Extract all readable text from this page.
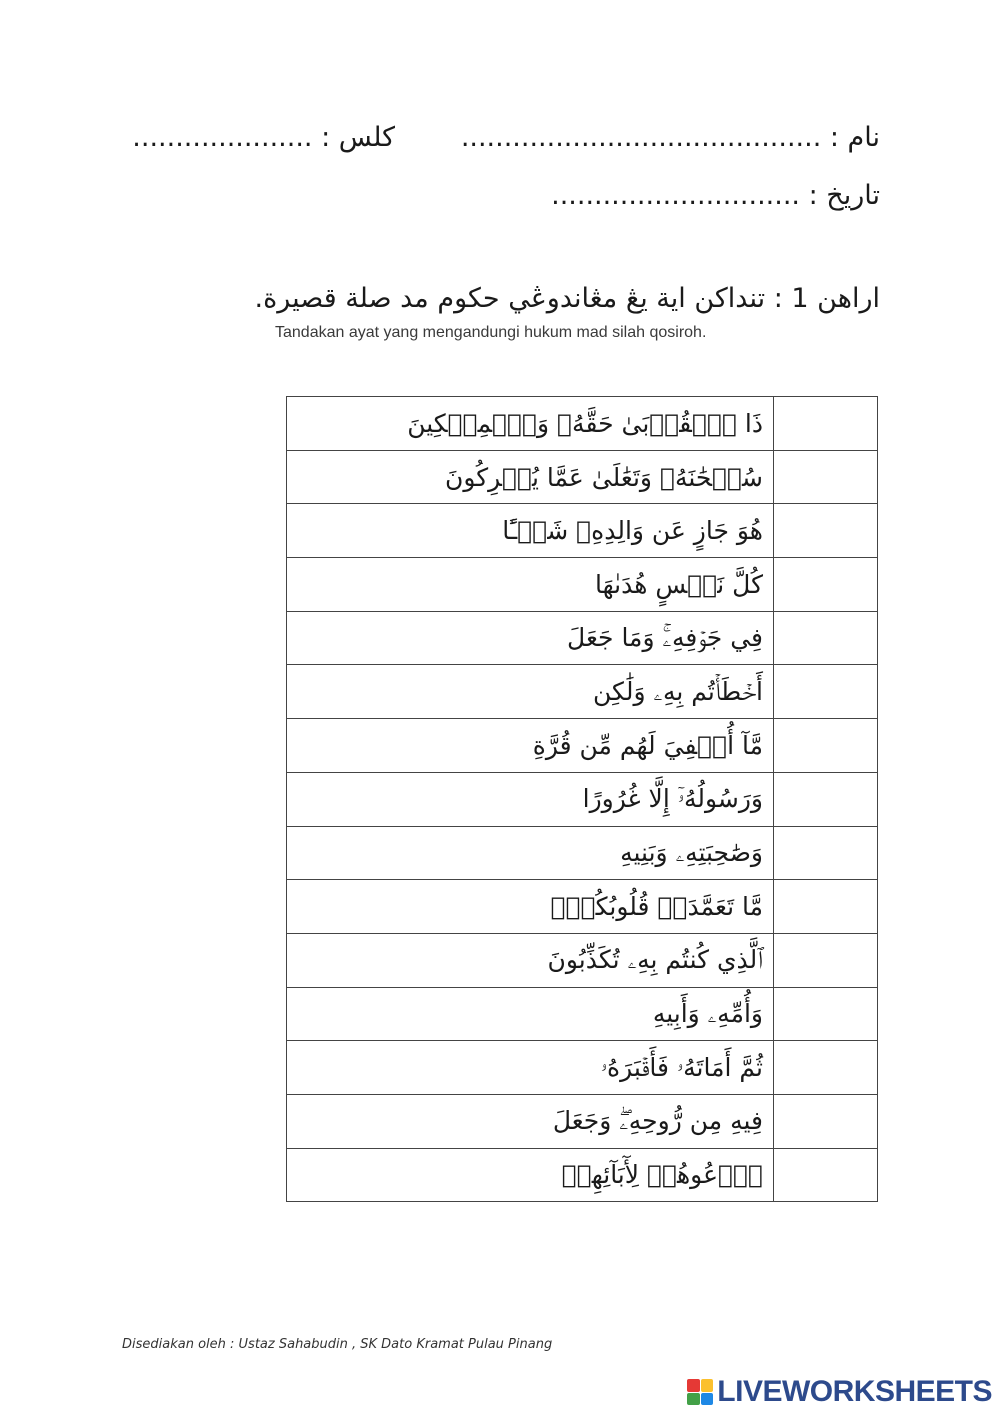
نام : ..........................................
كلس : .....................
تاريخ : .............................
اراهن 1 : تنداكن اية يڠ مڠاندوڠي حكوم مد صلة قصيرة.
Tandakan ayat yang mengandungi hukum mad silah qosiroh.
ذَا ٱلۡقُرۡبَىٰ حَقَّهُۥ وَٱلۡمِسۡكِينَ	
سُبۡحَٰنَهُۥ وَتَعَٰلَىٰ عَمَّا يُشۡرِكُونَ	
هُوَ جَازٍ عَن وَالِدِهِۦ شَيۡـًٔا	
كُلَّ نَفۡسٍ هُدَىٰهَا	
فِي جَوۡفِهِۦۚ وَمَا جَعَلَ	
أَخۡطَأۡتُم بِهِۦ وَلَٰكِن	
مَّآ أُخۡفِيَ لَهُم مِّن قُرَّةِ	
وَرَسُولُهُۥٓ إِلَّا غُرُورًا	
وَصَٰحِبَتِهِۦ وَبَنِيهِ	
مَّا تَعَمَّدَتۡ قُلُوبُكُمۡۚ	
ٱلَّذِي كُنتُم بِهِۦ تُكَذِّبُونَ	
وَأُمِّهِۦ وَأَبِيهِ	
ثُمَّ أَمَاتَهُۥ فَأَقۡبَرَهُۥ	
فِيهِ مِن رُّوحِهِۦۖ وَجَعَلَ	
ٱدۡعُوهُمۡ لِأٓبَآئِهِمۡ	
Disediakan oleh : Ustaz Sahabudin , SK Dato Kramat Pulau Pinang
LIVEWORKSHEETS
